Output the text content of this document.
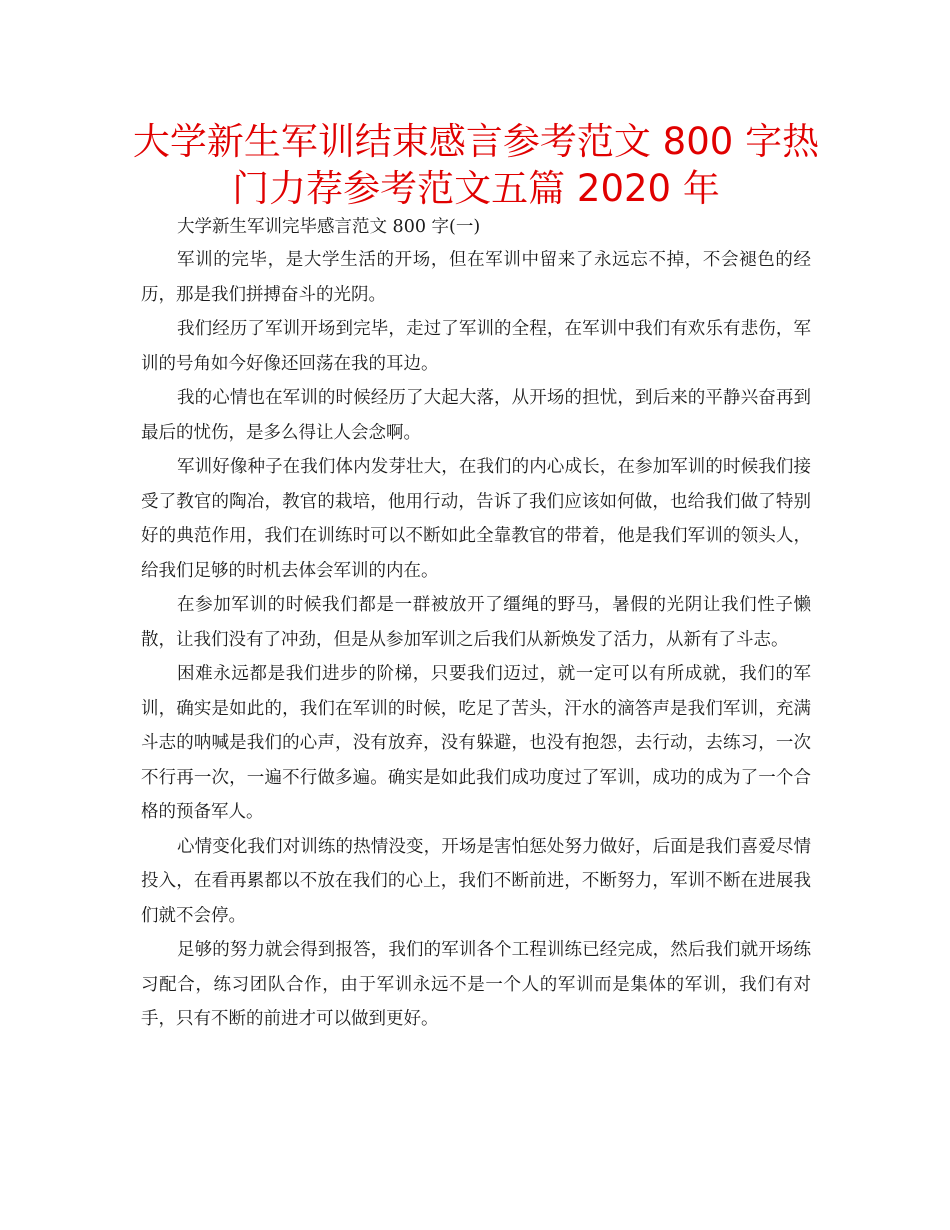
大学新生军训结束感言参考范文 800 字热门力荐参考范文五篇 2020 年

大学新生军训完毕感言范文 800 字(一)

军训的完毕，是大学生活的开场，但在军训中留来了永远忘不掉，不会褪色的经历，那是我们拼搏奋斗的光阴。

我们经历了军训开场到完毕，走过了军训的全程，在军训中我们有欢乐有悲伤，军训的号角如今好像还回荡在我的耳边。

我的心情也在军训的时候经历了大起大落，从开场的担忧，到后来的平静兴奋再到最后的忧伤，是多么得让人会念啊。

军训好像种子在我们体内发芽壮大，在我们的内心成长，在参加军训的时候我们接受了教官的陶冶，教官的栽培，他用行动，告诉了我们应该如何做，也给我们做了特别好的典范作用，我们在训练时可以不断如此全靠教官的带着，他是我们军训的领头人，给我们足够的时机去体会军训的内在。

在参加军训的时候我们都是一群被放开了缰绳的野马，暑假的光阴让我们性子懒散，让我们没有了冲劲，但是从参加军训之后我们从新焕发了活力，从新有了斗志。

困难永远都是我们进步的阶梯，只要我们迈过，就一定可以有所成就，我们的军训，确实是如此的，我们在军训的时候，吃足了苦头，汗水的滴答声是我们军训，充满斗志的呐喊是我们的心声，没有放弃，没有躲避，也没有抱怨，去行动，去练习，一次不行再一次，一遍不行做多遍。确实是如此我们成功度过了军训，成功的成为了一个合格的预备军人。

心情变化我们对训练的热情没变，开场是害怕惩处努力做好，后面是我们喜爱尽情投入，在看再累都以不放在我们的心上，我们不断前进，不断努力，军训不断在进展我们就不会停。

足够的努力就会得到报答，我们的军训各个工程训练已经完成，然后我们就开场练习配合，练习团队合作，由于军训永远不是一个人的军训而是集体的军训，我们有对手，只有不断的前进才可以做到更好。
